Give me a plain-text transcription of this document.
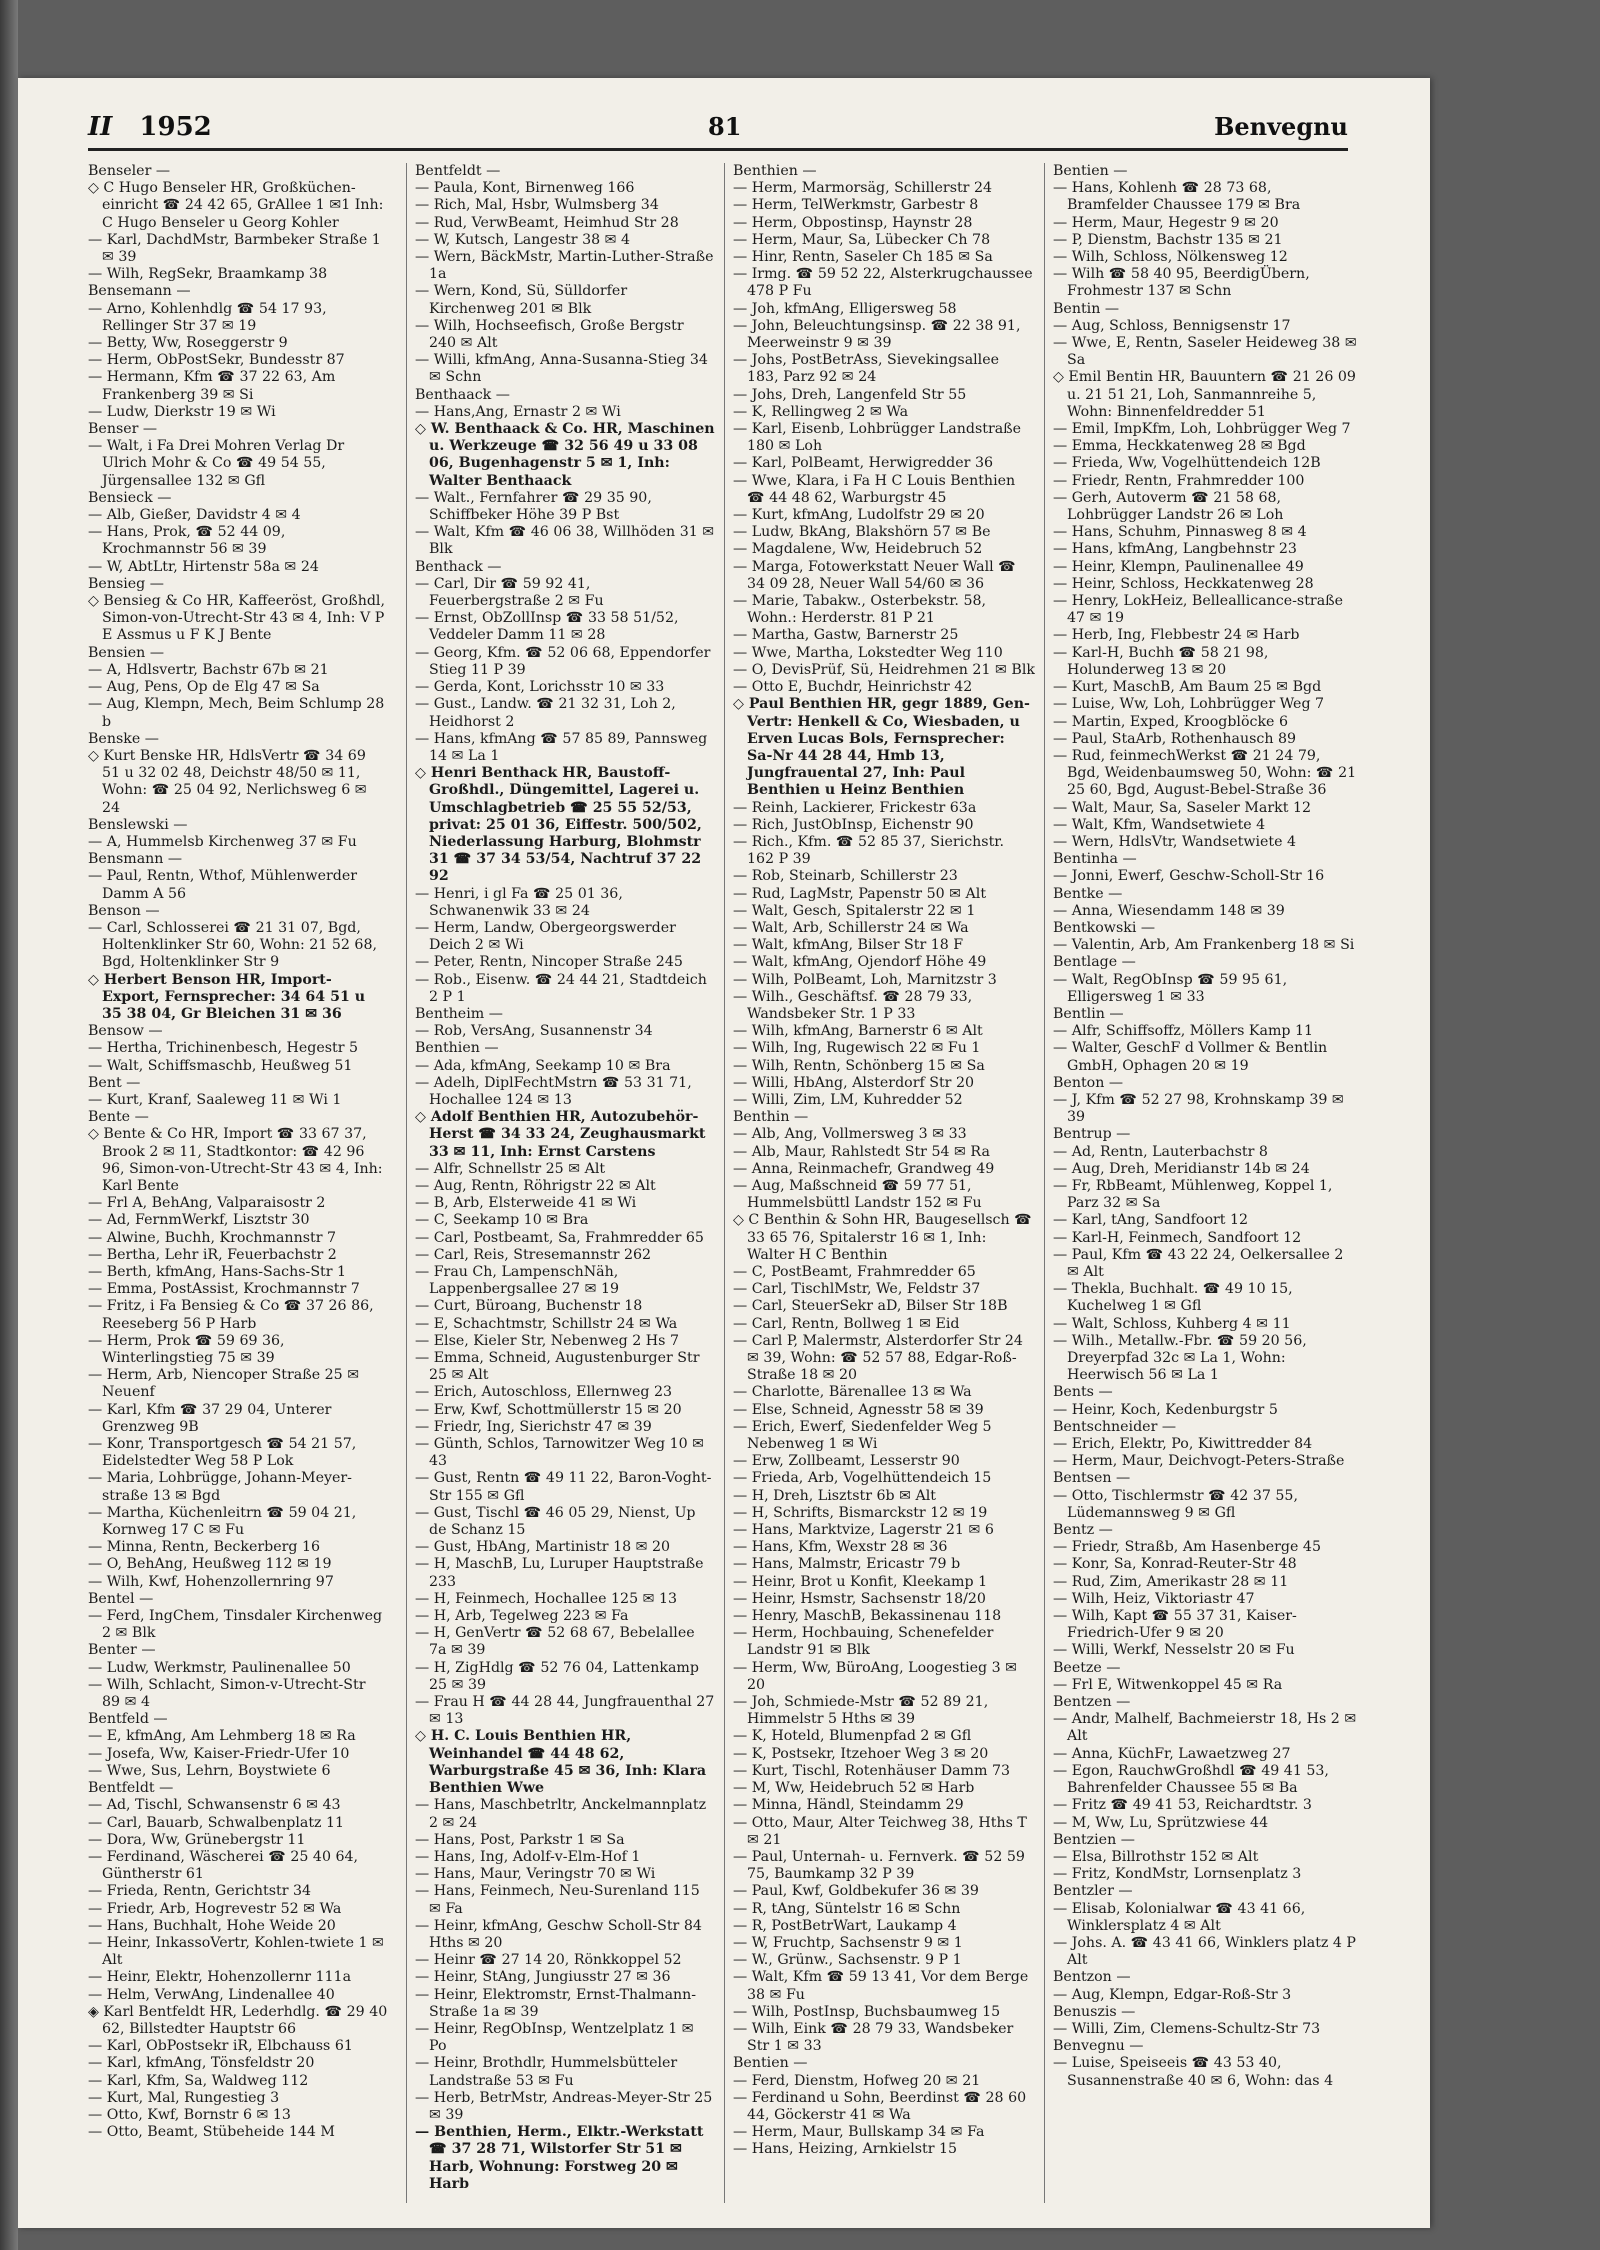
II 1952	81	Benvegnu

Benseler —

◇ C Hugo Benseler HR, Großküchen-einricht ☎ 24 42 65, GrAllee 1 ✉1 Inh: C Hugo Benseler u Georg Kohler

— Karl, DachdMstr, Barmbeker Straße 1 ✉ 39

— Wilh, RegSekr, Braamkamp 38

Bensemann —

— Arno, Kohlenhdlg ☎ 54 17 93, Rellinger Str 37 ✉ 19

— Betty, Ww, Roseggerstr 9

— Herm, ObPostSekr, Bundesstr 87

— Hermann, Kfm ☎ 37 22 63, Am Frankenberg 39 ✉ Si

— Ludw, Dierkstr 19 ✉ Wi

Benser —

— Walt, i Fa Drei Mohren Verlag Dr Ulrich Mohr & Co ☎ 49 54 55, Jürgensallee 132 ✉ Gfl

Bensieck —

— Alb, Gießer, Davidstr 4 ✉ 4

— Hans, Prok, ☎ 52 44 09, Krochmannstr 56 ✉ 39

— W, AbtLtr, Hirtenstr 58a ✉ 24

Bensieg —

◇ Bensieg & Co HR, Kaffeeröst, Großhdl, Simon-von-Utrecht-Str 43 ✉ 4, Inh: V P E Assmus u F K J Bente

Bensien —

— A, Hdlsvertr, Bachstr 67b ✉ 21

— Aug, Pens, Op de Elg 47 ✉ Sa

— Aug, Klempn, Mech, Beim Schlump 28 b

Benske —

◇ Kurt Benske HR, HdlsVertr ☎ 34 69 51 u 32 02 48, Deichstr 48/50 ✉ 11, Wohn: ☎ 25 04 92, Nerlichsweg 6 ✉ 24

Benslewski —

— A, Hummelsb Kirchenweg 37 ✉ Fu

Bensmann —

— Paul, Rentn, Wthof, Mühlenwerder Damm A 56

Benson —

— Carl, Schlosserei ☎ 21 31 07, Bgd, Holtenklinker Str 60, Wohn: 21 52 68, Bgd, Holtenklinker Str 9

◇ Herbert Benson HR, Import-Export, Fernsprecher: 34 64 51 u 35 38 04, Gr Bleichen 31 ✉ 36

Bensow —

— Hertha, Trichinenbesch, Hegestr 5

— Walt, Schiffsmaschb, Heußweg 51

Bent —

— Kurt, Kranf, Saaleweg 11 ✉ Wi 1

Bente —

◇ Bente & Co HR, Import ☎ 33 67 37, Brook 2 ✉ 11, Stadtkontor: ☎ 42 96 96, Simon-von-Utrecht-Str 43 ✉ 4, Inh: Karl Bente

— Frl A, BehAng, Valparaisostr 2

— Ad, FernmWerkf, Lisztstr 30

— Alwine, Buchh, Krochmannstr 7

— Bertha, Lehr iR, Feuerbachstr 2

— Berth, kfmAng, Hans-Sachs-Str 1

— Emma, PostAssist, Krochmannstr 7

— Fritz, i Fa Bensieg & Co ☎ 37 26 86, Reeseberg 56 P Harb

— Herm, Prok ☎ 59 69 36, Winterlingstieg 75 ✉ 39

— Herm, Arb, Niencoper Straße 25 ✉ Neuenf

— Karl, Kfm ☎ 37 29 04, Unterer Grenzweg 9B

— Konr, Transportgesch ☎ 54 21 57, Eidelstedter Weg 58 P Lok

— Maria, Lohbrügge, Johann-Meyer-straße 13 ✉ Bgd

— Martha, Küchenleitrn ☎ 59 04 21, Kornweg 17 C ✉ Fu

— Minna, Rentn, Beckerberg 16

— O, BehAng, Heußweg 112 ✉ 19

— Wilh, Kwf, Hohenzollernring 97

Bentel —

— Ferd, IngChem, Tinsdaler Kirchenweg 2 ✉ Blk

Benter —

— Ludw, Werkmstr, Paulinenallee 50

— Wilh, Schlacht, Simon-v-Utrecht-Str 89 ✉ 4

Bentfeld —

— E, kfmAng, Am Lehmberg 18 ✉ Ra

— Josefa, Ww, Kaiser-Friedr-Ufer 10

— Wwe, Sus, Lehrn, Boystwiete 6

Bentfeldt —

— Ad, Tischl, Schwansenstr 6 ✉ 43

— Carl, Bauarb, Schwalbenplatz 11

— Dora, Ww, Grünebergstr 11

— Ferdinand, Wäscherei ☎ 25 40 64, Güntherstr 61

— Frieda, Rentn, Gerichtstr 34

— Friedr, Arb, Hogrevestr 52 ✉ Wa

— Hans, Buchhalt, Hohe Weide 20

— Heinr, InkassoVertr, Kohlen-twiete 1 ✉ Alt

— Heinr, Elektr, Hohenzollernr 111a

— Helm, VerwAng, Lindenallee 40

◈ Karl Bentfeldt HR, Lederhdlg. ☎ 29 40 62, Billstedter Hauptstr 66

— Karl, ObPostsekr iR, Elbchauss 61

— Karl, kfmAng, Tönsfeldstr 20

— Karl, Kfm, Sa, Waldweg 112

— Kurt, Mal, Rungestieg 3

— Otto, Kwf, Bornstr 6 ✉ 13

— Otto, Beamt, Stübeheide 144 M

Bentfeldt —

— Paula, Kont, Birnenweg 166

— Rich, Mal, Hsbr, Wulmsberg 34

— Rud, VerwBeamt, Heimhud Str 28

— W, Kutsch, Langestr 38 ✉ 4

— Wern, BäckMstr, Martin-Luther-Straße 1a

— Wern, Kond, Sü, Sülldorfer Kirchenweg 201 ✉ Blk

— Wilh, Hochseefisch, Große Bergstr 240 ✉ Alt

— Willi, kfmAng, Anna-Susanna-Stieg 34 ✉ Schn

Benthaack —

— Hans,Ang, Ernastr 2 ✉ Wi

◇ W. Benthaack & Co. HR, Maschinen u. Werkzeuge ☎ 32 56 49 u 33 08 06, Bugenhagenstr 5 ✉ 1, Inh: Walter Benthaack

— Walt., Fernfahrer ☎ 29 35 90, Schiffbeker Höhe 39 P Bst

— Walt, Kfm ☎ 46 06 38, Willhöden 31 ✉ Blk

Benthack —

— Carl, Dir ☎ 59 92 41, Feuerbergstraße 2 ✉ Fu

— Ernst, ObZollInsp ☎ 33 58 51/52, Veddeler Damm 11 ✉ 28

— Georg, Kfm. ☎ 52 06 68, Eppendorfer Stieg 11 P 39

— Gerda, Kont, Lorichsstr 10 ✉ 33

— Gust., Landw. ☎ 21 32 31, Loh 2, Heidhorst 2

— Hans, kfmAng ☎ 57 85 89, Pannsweg 14 ✉ La 1

◇ Henri Benthack HR, Baustoff-Großhdl., Düngemittel, Lagerei u. Umschlagbetrieb ☎ 25 55 52/53, privat: 25 01 36, Eiffestr. 500/502, Niederlassung Harburg, Blohmstr 31 ☎ 37 34 53/54, Nachtruf 37 22 92

— Henri, i gl Fa ☎ 25 01 36, Schwanenwik 33 ✉ 24

— Herm, Landw, Obergeorgswerder Deich 2 ✉ Wi

— Peter, Rentn, Nincoper Straße 245

— Rob., Eisenw. ☎ 24 44 21, Stadtdeich 2 P 1

Bentheim —

— Rob, VersAng, Susannenstr 34

Benthien —

— Ada, kfmAng, Seekamp 10 ✉ Bra

— Adelh, DiplFechtMstrn ☎ 53 31 71, Hochallee 124 ✉ 13

◇ Adolf Benthien HR, Autozubehör-Herst ☎ 34 33 24, Zeughausmarkt 33 ✉ 11, Inh: Ernst Carstens

— Alfr, Schnellstr 25 ✉ Alt

— Aug, Rentn, Röhrigstr 22 ✉ Alt

— B, Arb, Elsterweide 41 ✉ Wi

— C, Seekamp 10 ✉ Bra

— Carl, Postbeamt, Sa, Frahmredder 65

— Carl, Reis, Stresemannstr 262

— Frau Ch, LampenschNäh, Lappenbergsallee 27 ✉ 19

— Curt, Büroang, Buchenstr 18

— E, Schachtmstr, Schillstr 24 ✉ Wa

— Else, Kieler Str, Nebenweg 2 Hs 7

— Emma, Schneid, Augustenburger Str 25 ✉ Alt

— Erich, Autoschloss, Ellernweg 23

— Erw, Kwf, Schottmüllerstr 15 ✉ 20

— Friedr, Ing, Sierichstr 47 ✉ 39

— Günth, Schlos, Tarnowitzer Weg 10 ✉ 43

— Gust, Rentn ☎ 49 11 22, Baron-Voght-Str 155 ✉ Gfl

— Gust, Tischl ☎ 46 05 29, Nienst, Up de Schanz 15

— Gust, HbAng, Martinistr 18 ✉ 20

— H, MaschB, Lu, Luruper Hauptstraße 233

— H, Feinmech, Hochallee 125 ✉ 13

— H, Arb, Tegelweg 223 ✉ Fa

— H, GenVertr ☎ 52 68 67, Bebelallee 7a ✉ 39

— H, ZigHdlg ☎ 52 76 04, Lattenkamp 25 ✉ 39

— Frau H ☎ 44 28 44, Jungfrauenthal 27 ✉ 13

◇ H. C. Louis Benthien HR, Weinhandel ☎ 44 48 62, Warburgstraße 45 ✉ 36, Inh: Klara Benthien Wwe

— Hans, Maschbetrltr, Anckelmannplatz 2 ✉ 24

— Hans, Post, Parkstr 1 ✉ Sa

— Hans, Ing, Adolf-v-Elm-Hof 1

— Hans, Maur, Veringstr 70 ✉ Wi

— Hans, Feinmech, Neu-Surenland 115 ✉ Fa

— Heinr, kfmAng, Geschw Scholl-Str 84 Hths ✉ 20

— Heinr ☎ 27 14 20, Rönkkoppel 52

— Heinr, StAng, Jungiusstr 27 ✉ 36

— Heinr, Elektromstr, Ernst-Thalmann-Straße 1a ✉ 39

— Heinr, RegObInsp, Wentzelplatz 1 ✉ Po

— Heinr, Brothdlr, Hummelsbütteler Landstraße 53 ✉ Fu

— Herb, BetrMstr, Andreas-Meyer-Str 25 ✉ 39

— Benthien, Herm., Elktr.-Werkstatt ☎ 37 28 71, Wilstorfer Str 51 ✉ Harb, Wohnung: Forstweg 20 ✉ Harb

Benthien —

— Herm, Marmorsäg, Schillerstr 24

— Herm, TelWerkmstr, Garbestr 8

— Herm, Obpostinsp, Haynstr 28

— Herm, Maur, Sa, Lübecker Ch 78

— Hinr, Rentn, Saseler Ch 185 ✉ Sa

— Irmg. ☎ 59 52 22, Alsterkrugchaussee 478 P Fu

— Joh, kfmAng, Elligersweg 58

— John, Beleuchtungsinsp. ☎ 22 38 91, Meerweinstr 9 ✉ 39

— Johs, PostBetrAss, Sievekingsallee 183, Parz 92 ✉ 24

— Johs, Dreh, Langenfeld Str 55

— K, Rellingweg 2 ✉ Wa

— Karl, Eisenb, Lohbrügger Landstraße 180 ✉ Loh

— Karl, PolBeamt, Herwigredder 36

— Wwe, Klara, i Fa H C Louis Benthien ☎ 44 48 62, Warburgstr 45

— Kurt, kfmAng, Ludolfstr 29 ✉ 20

— Ludw, BkAng, Blakshörn 57 ✉ Be

— Magdalene, Ww, Heidebruch 52

— Marga, Fotowerkstatt Neuer Wall ☎ 34 09 28, Neuer Wall 54/60 ✉ 36

— Marie, Tabakw., Osterbekstr. 58, Wohn.: Herderstr. 81 P 21

— Martha, Gastw, Barnerstr 25

— Wwe, Martha, Lokstedter Weg 110

— O, DevisPrüf, Sü, Heidrehmen 21 ✉ Blk

— Otto E, Buchdr, Heinrichstr 42

◇ Paul Benthien HR, gegr 1889, Gen-Vertr: Henkell & Co, Wiesbaden, u Erven Lucas Bols, Fernsprecher: Sa-Nr 44 28 44, Hmb 13, Jungfrauental 27, Inh: Paul Benthien u Heinz Benthien

— Reinh, Lackierer, Frickestr 63a

— Rich, JustObInsp, Eichenstr 90

— Rich., Kfm. ☎ 52 85 37, Sierichstr. 162 P 39

— Rob, Steinarb, Schillerstr 23

— Rud, LagMstr, Papenstr 50 ✉ Alt

— Walt, Gesch, Spitalerstr 22 ✉ 1

— Walt, Arb, Schillerstr 24 ✉ Wa

— Walt, kfmAng, Bilser Str 18 F

— Walt, kfmAng, Ojendorf Höhe 49

— Wilh, PolBeamt, Loh, Marnitzstr 3

— Wilh., Geschäftsf. ☎ 28 79 33, Wandsbeker Str. 1 P 33

— Wilh, kfmAng, Barnerstr 6 ✉ Alt

— Wilh, Ing, Rugewisch 22 ✉ Fu 1

— Wilh, Rentn, Schönberg 15 ✉ Sa

— Willi, HbAng, Alsterdorf Str 20

— Willi, Zim, LM, Kuhredder 52

Benthin —

— Alb, Ang, Vollmersweg 3 ✉ 33

— Alb, Maur, Rahlstedt Str 54 ✉ Ra

— Anna, Reinmachefr, Grandweg 49

— Aug, Maßschneid ☎ 59 77 51, Hummelsbüttl Landstr 152 ✉ Fu

◇ C Benthin & Sohn HR, Baugesellsch ☎ 33 65 76, Spitalerstr 16 ✉ 1, Inh: Walter H C Benthin

— C, PostBeamt, Frahmredder 65

— Carl, TischlMstr, We, Feldstr 37

— Carl, SteuerSekr aD, Bilser Str 18B

— Carl, Rentn, Bollweg 1 ✉ Eid

— Carl P, Malermstr, Alsterdorfer Str 24 ✉ 39, Wohn: ☎ 52 57 88, Edgar-Roß-Straße 18 ✉ 20

— Charlotte, Bärenallee 13 ✉ Wa

— Else, Schneid, Agnesstr 58 ✉ 39

— Erich, Ewerf, Siedenfelder Weg 5 Nebenweg 1 ✉ Wi

— Erw, Zollbeamt, Lesserstr 90

— Frieda, Arb, Vogelhüttendeich 15

— H, Dreh, Lisztstr 6b ✉ Alt

— H, Schrifts, Bismarckstr 12 ✉ 19

— Hans, Marktvize, Lagerstr 21 ✉ 6

— Hans, Kfm, Wexstr 28 ✉ 36

— Hans, Malmstr, Ericastr 79 b

— Heinr, Brot u Konfit, Kleekamp 1

— Heinr, Hsmstr, Sachsenstr 18/20

— Henry, MaschB, Bekassinenau 118

— Herm, Hochbauing, Schenefelder Landstr 91 ✉ Blk

— Herm, Ww, BüroAng, Loogestieg 3 ✉ 20

— Joh, Schmiede-Mstr ☎ 52 89 21, Himmelstr 5 Hths ✉ 39

— K, Hoteld, Blumenpfad 2 ✉ Gfl

— K, Postsekr, Itzehoer Weg 3 ✉ 20

— Kurt, Tischl, Rotenhäuser Damm 73

— M, Ww, Heidebruch 52 ✉ Harb

— Minna, Händl, Steindamm 29

— Otto, Maur, Alter Teichweg 38, Hths T ✉ 21

— Paul, Unternah- u. Fernverk. ☎ 52 59 75, Baumkamp 32 P 39

— Paul, Kwf, Goldbekufer 36 ✉ 39

— R, tAng, Süntelstr 16 ✉ Schn

— R, PostBetrWart, Laukamp 4

— W, Fruchtp, Sachsenstr 9 ✉ 1

— W., Grünw., Sachsenstr. 9 P 1

— Walt, Kfm ☎ 59 13 41, Vor dem Berge 38 ✉ Fu

— Wilh, PostInsp, Buchsbaumweg 15

— Wilh, Eink ☎ 28 79 33, Wandsbeker Str 1 ✉ 33

Bentien —

— Ferd, Dienstm, Hofweg 20 ✉ 21

— Ferdinand u Sohn, Beerdinst ☎ 28 60 44, Göckerstr 41 ✉ Wa

— Herm, Maur, Bullskamp 34 ✉ Fa

— Hans, Heizing, Arnkielstr 15

Bentien —

— Hans, Kohlenh ☎ 28 73 68, Bramfelder Chaussee 179 ✉ Bra

— Herm, Maur, Hegestr 9 ✉ 20

— P, Dienstm, Bachstr 135 ✉ 21

— Wilh, Schloss, Nölkensweg 12

— Wilh ☎ 58 40 95, BeerdigÜbern, Frohmestr 137 ✉ Schn

Bentin —

— Aug, Schloss, Bennigsenstr 17

— Wwe, E, Rentn, Saseler Heideweg 38 ✉ Sa

◇ Emil Bentin HR, Bauuntern ☎ 21 26 09 u. 21 51 21, Loh, Sanmannreihe 5, Wohn: Binnenfeldredder 51

— Emil, ImpKfm, Loh, Lohbrügger Weg 7

— Emma, Heckkatenweg 28 ✉ Bgd

— Frieda, Ww, Vogelhüttendeich 12B

— Friedr, Rentn, Frahmredder 100

— Gerh, Autoverm ☎ 21 58 68, Lohbrügger Landstr 26 ✉ Loh

— Hans, Schuhm, Pinnasweg 8 ✉ 4

— Hans, kfmAng, Langbehnstr 23

— Heinr, Klempn, Paulinenallee 49

— Heinr, Schloss, Heckkatenweg 28

— Henry, LokHeiz, Belleallicance-straße 47 ✉ 19

— Herb, Ing, Flebbestr 24 ✉ Harb

— Karl-H, Buchh ☎ 58 21 98, Holunderweg 13 ✉ 20

— Kurt, MaschB, Am Baum 25 ✉ Bgd

— Luise, Ww, Loh, Lohbrügger Weg 7

— Martin, Exped, Kroogblöcke 6

— Paul, StaArb, Rothenhausch 89

— Rud, feinmechWerkst ☎ 21 24 79, Bgd, Weidenbaumsweg 50, Wohn: ☎ 21 25 60, Bgd, August-Bebel-Straße 36

— Walt, Maur, Sa, Saseler Markt 12

— Walt, Kfm, Wandsetwiete 4

— Wern, HdlsVtr, Wandsetwiete 4

Bentinha —

— Jonni, Ewerf, Geschw-Scholl-Str 16

Bentke —

— Anna, Wiesendamm 148 ✉ 39

Bentkowski —

— Valentin, Arb, Am Frankenberg 18 ✉ Si

Bentlage —

— Walt, RegObInsp ☎ 59 95 61, Elligersweg 1 ✉ 33

Bentlin —

— Alfr, Schiffsoffz, Möllers Kamp 11

— Walter, GeschF d Vollmer & Bentlin GmbH, Ophagen 20 ✉ 19

Benton —

— J, Kfm ☎ 52 27 98, Krohnskamp 39 ✉ 39

Bentrup —

— Ad, Rentn, Lauterbachstr 8

— Aug, Dreh, Meridianstr 14b ✉ 24

— Fr, RbBeamt, Mühlenweg, Koppel 1, Parz 32 ✉ Sa

— Karl, tAng, Sandfoort 12

— Karl-H, Feinmech, Sandfoort 12

— Paul, Kfm ☎ 43 22 24, Oelkersallee 2 ✉ Alt

— Thekla, Buchhalt. ☎ 49 10 15, Kuchelweg 1 ✉ Gfl

— Walt, Schloss, Kuhberg 4 ✉ 11

— Wilh., Metallw.-Fbr. ☎ 59 20 56, Dreyerpfad 32c ✉ La 1, Wohn: Heerwisch 56 ✉ La 1

Bents —

— Heinr, Koch, Kedenburgstr 5

Bentschneider —

— Erich, Elektr, Po, Kiwittredder 84

— Herm, Maur, Deichvogt-Peters-Straße

Bentsen —

— Otto, Tischlermstr ☎ 42 37 55, Lüdemannsweg 9 ✉ Gfl

Bentz —

— Friedr, Straßb, Am Hasenberge 45

— Konr, Sa, Konrad-Reuter-Str 48

— Rud, Zim, Amerikastr 28 ✉ 11

— Wilh, Heiz, Viktoriastr 47

— Wilh, Kapt ☎ 55 37 31, Kaiser-Friedrich-Ufer 9 ✉ 20

— Willi, Werkf, Nesselstr 20 ✉ Fu

Beetze —

— Frl E, Witwenkoppel 45 ✉ Ra

Bentzen —

— Andr, Malhelf, Bachmeierstr 18, Hs 2 ✉ Alt

— Anna, KüchFr, Lawaetzweg 27

— Egon, RauchwGroßhdl ☎ 49 41 53, Bahrenfelder Chaussee 55 ✉ Ba

— Fritz ☎ 49 41 53, Reichardtstr. 3

— M, Ww, Lu, Sprützwiese 44

Bentzien —

— Elsa, Billrothstr 152 ✉ Alt

— Fritz, KondMstr, Lornsenplatz 3

Bentzler —

— Elisab, Kolonialwar ☎ 43 41 66, Winklersplatz 4 ✉ Alt

— Johs. A. ☎ 43 41 66, Winklers platz 4 P Alt

Bentzon —

— Aug, Klempn, Edgar-Roß-Str 3

Benuszis —

— Willi, Zim, Clemens-Schultz-Str 73

Benvegnu —

— Luise, Speiseeis ☎ 43 53 40, Susannenstraße 40 ✉ 6, Wohn: das 4
